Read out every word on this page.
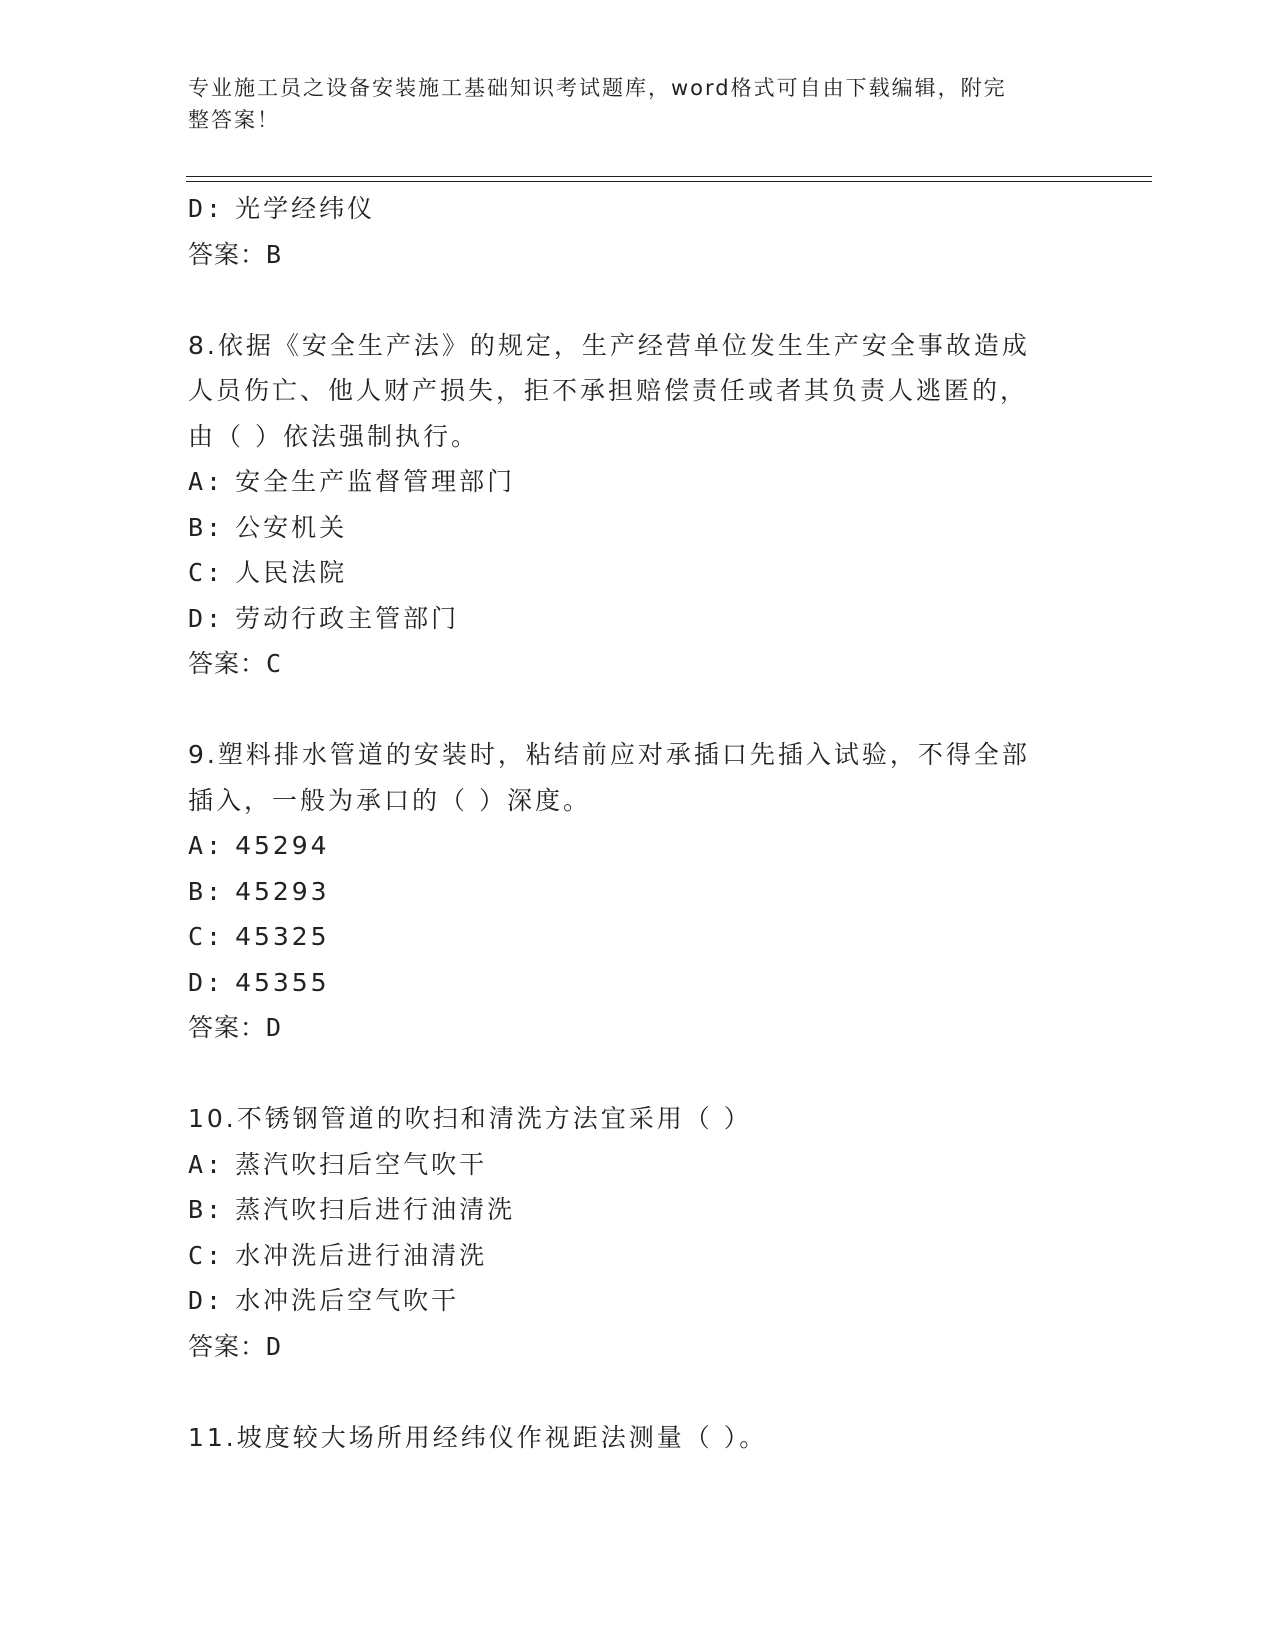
专业施工员之设备安装施工基础知识考试题库，word格式可自由下载编辑，附完
整答案！
D: 光学经纬仪
答案：B
8.依据《安全生产法》的规定，生产经营单位发生生产安全事故造成
人员伤亡、他人财产损失，拒不承担赔偿责任或者其负责人逃匿的，
由（ ）依法强制执行。
A: 安全生产监督管理部门
B: 公安机关
C: 人民法院
D: 劳动行政主管部门
答案：C
9.塑料排水管道的安装时，粘结前应对承插口先插入试验，不得全部
插入，一般为承口的（ ）深度。
A: 45294
B: 45293
C: 45325
D: 45355
答案：D
10.不锈钢管道的吹扫和清洗方法宜采用（ ）
A: 蒸汽吹扫后空气吹干
B: 蒸汽吹扫后进行油清洗
C: 水冲洗后进行油清洗
D: 水冲洗后空气吹干
答案：D
11.坡度较大场所用经纬仪作视距法测量（ ）。
